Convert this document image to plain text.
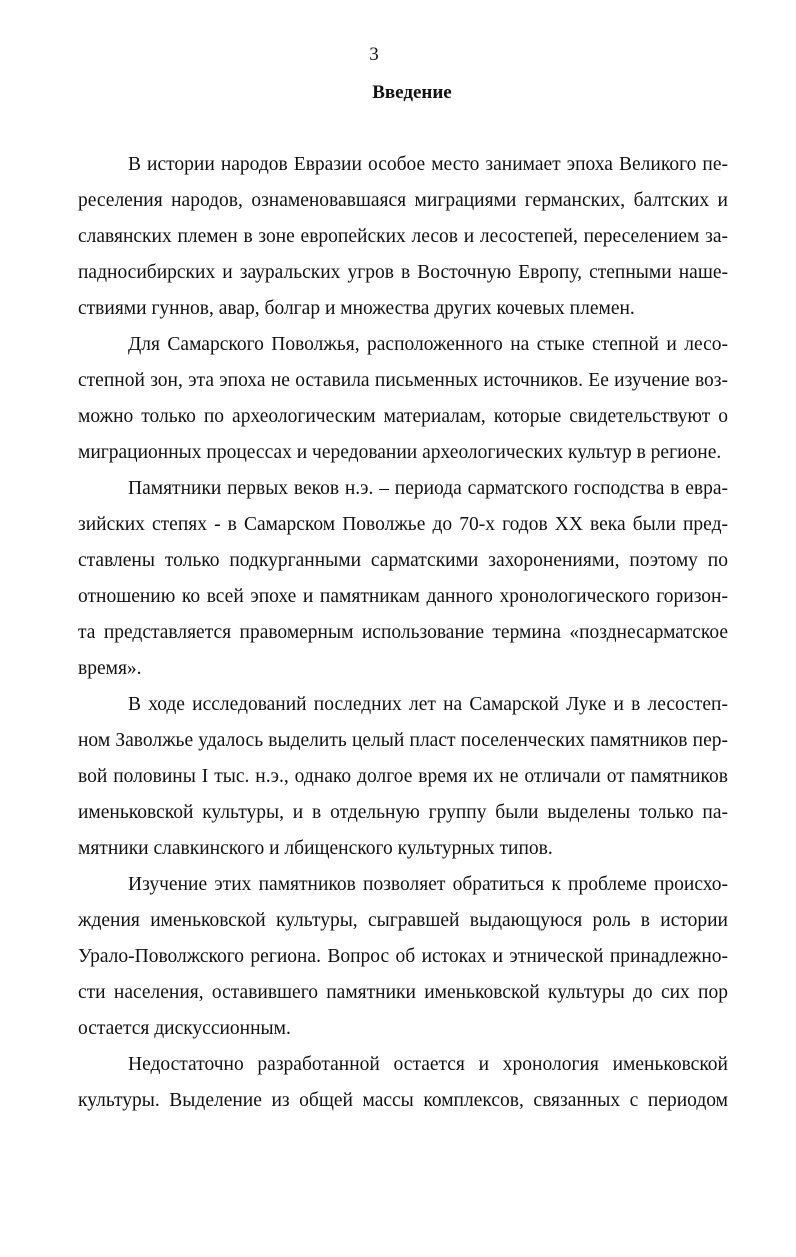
3
Введение
В истории народов Евразии особое место занимает эпоха Великого пе-
реселения народов, ознаменовавшаяся миграциями германских, балтских и
славянских племен в зоне европейских лесов и лесостепей, переселением за-
падносибирских и зауральских угров в Восточную Европу, степными наше-
ствиями гуннов, авар, болгар и множества других кочевых племен.
Для Самарского Поволжья, расположенного на стыке степной и лесо-
степной зон, эта эпоха не оставила письменных источников. Ее изучение воз-
можно только по археологическим материалам, которые свидетельствуют о
миграционных процессах и чередовании археологических культур в регионе.
Памятники первых веков н.э. – периода сарматского господства в евра-
зийских степях - в Самарском Поволжье до 70-х годов XX века были пред-
ставлены только подкурганными сарматскими захоронениями, поэтому по
отношению ко всей эпохе и памятникам данного хронологического горизон-
та представляется правомерным использование термина «позднесарматское
время».
В ходе исследований последних лет на Самарской Луке и в лесостеп-
ном Заволжье удалось выделить целый пласт поселенческих памятников пер-
вой половины I тыс. н.э., однако долгое время их не отличали от памятников
именьковской культуры, и в отдельную группу были выделены только па-
мятники славкинского и лбищенского культурных типов.
Изучение этих памятников позволяет обратиться к проблеме происхо-
ждения именьковской культуры, сыгравшей выдающуюся роль в истории
Урало-Поволжского региона. Вопрос об истоках и этнической принадлежно-
сти населения, оставившего памятники именьковской культуры до сих пор
остается дискуссионным.
Недостаточно разработанной остается и хронология именьковской
культуры. Выделение из общей массы комплексов, связанных с периодом
